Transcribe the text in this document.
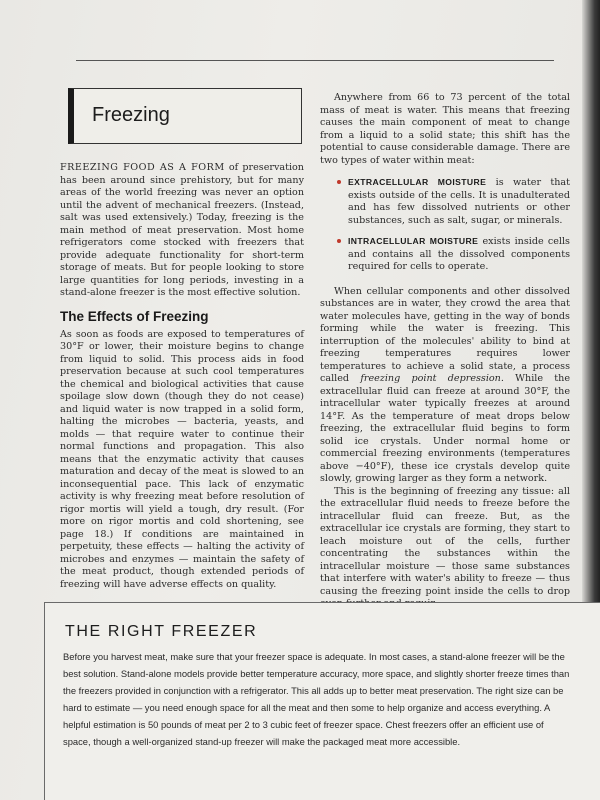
Freezing

FREEZING FOOD AS A FORM of preservation has been around since prehistory, but for many areas of the world freezing was never an option until the advent of mechanical freezers. (Instead, salt was used extensively.) Today, freezing is the main method of meat preservation. Most home refrigerators come stocked with freezers that provide adequate functionality for short-term storage of meats. But for people looking to store large quantities for long periods, investing in a stand-alone freezer is the most effective solution.

The Effects of Freezing

As soon as foods are exposed to temperatures of 30°F or lower, their moisture begins to change from liquid to solid. This process aids in food preservation because at such cool temperatures the chemical and biological activities that cause spoilage slow down (though they do not cease) and liquid water is now trapped in a solid form, halting the microbes — bacteria, yeasts, and molds — that require water to continue their normal functions and propagation. This also means that the enzymatic activity that causes maturation and decay of the meat is slowed to an inconsequential pace. This lack of enzymatic activity is why freezing meat before resolution of rigor mortis will yield a tough, dry result. (For more on rigor mortis and cold shortening, see page 18.) If conditions are maintained in perpetuity, these effects — halting the activity of microbes and enzymes — maintain the safety of the meat product, though extended periods of freezing will have adverse effects on quality.

Anywhere from 66 to 73 percent of the total mass of meat is water. This means that freezing causes the main component of meat to change from a liquid to a solid state; this shift has the potential to cause considerable damage. There are two types of water within meat:

EXTRACELLULAR MOISTURE is water that exists outside of the cells. It is unadulterated and has few dissolved nutrients or other substances, such as salt, sugar, or minerals.
INTRACELLULAR MOISTURE exists inside cells and contains all the dissolved components required for cells to operate.

When cellular components and other dissolved substances are in water, they crowd the area that water molecules have, getting in the way of bonds forming while the water is freezing. This interruption of the molecules' ability to bind at freezing temperatures requires lower temperatures to achieve a solid state, a process called freezing point depression. While the extracellular fluid can freeze at around 30°F, the intracellular water typically freezes at around 14°F. As the temperature of meat drops below freezing, the extracellular fluid begins to form solid ice crystals. Under normal home or commercial freezing environments (temperatures above −40°F), these ice crystals develop quite slowly, growing larger as they form a network.

This is the beginning of freezing any tissue: all the extracellular fluid needs to freeze before the intracellular fluid can freeze. But, as the extracellular ice crystals are forming, they start to leach moisture out of the cells, further concentrating the substances within the intracellular moisture — those same substances that interfere with water's ability to freeze — thus causing the freezing point inside the cells to drop

THE RIGHT FREEZER

Before you harvest meat, make sure that your freezer space is adequate. In most cases, a stand-alone freezer will be the best solution. Stand-alone models provide better temperature accuracy, more space, and slightly shorter freeze times than the freezers provided in conjunction with a refrigerator. This all adds up to better meat preservation. The right size can be hard to estimate — you need enough space for all the meat and then some to help organize and access everything. A helpful estimation is 50 pounds of meat per 2 to 3 cubic feet of freezer space. Chest freezers offer an efficient use of space, though a well-organized stand-up freezer will make the packaged meat more accessible.
